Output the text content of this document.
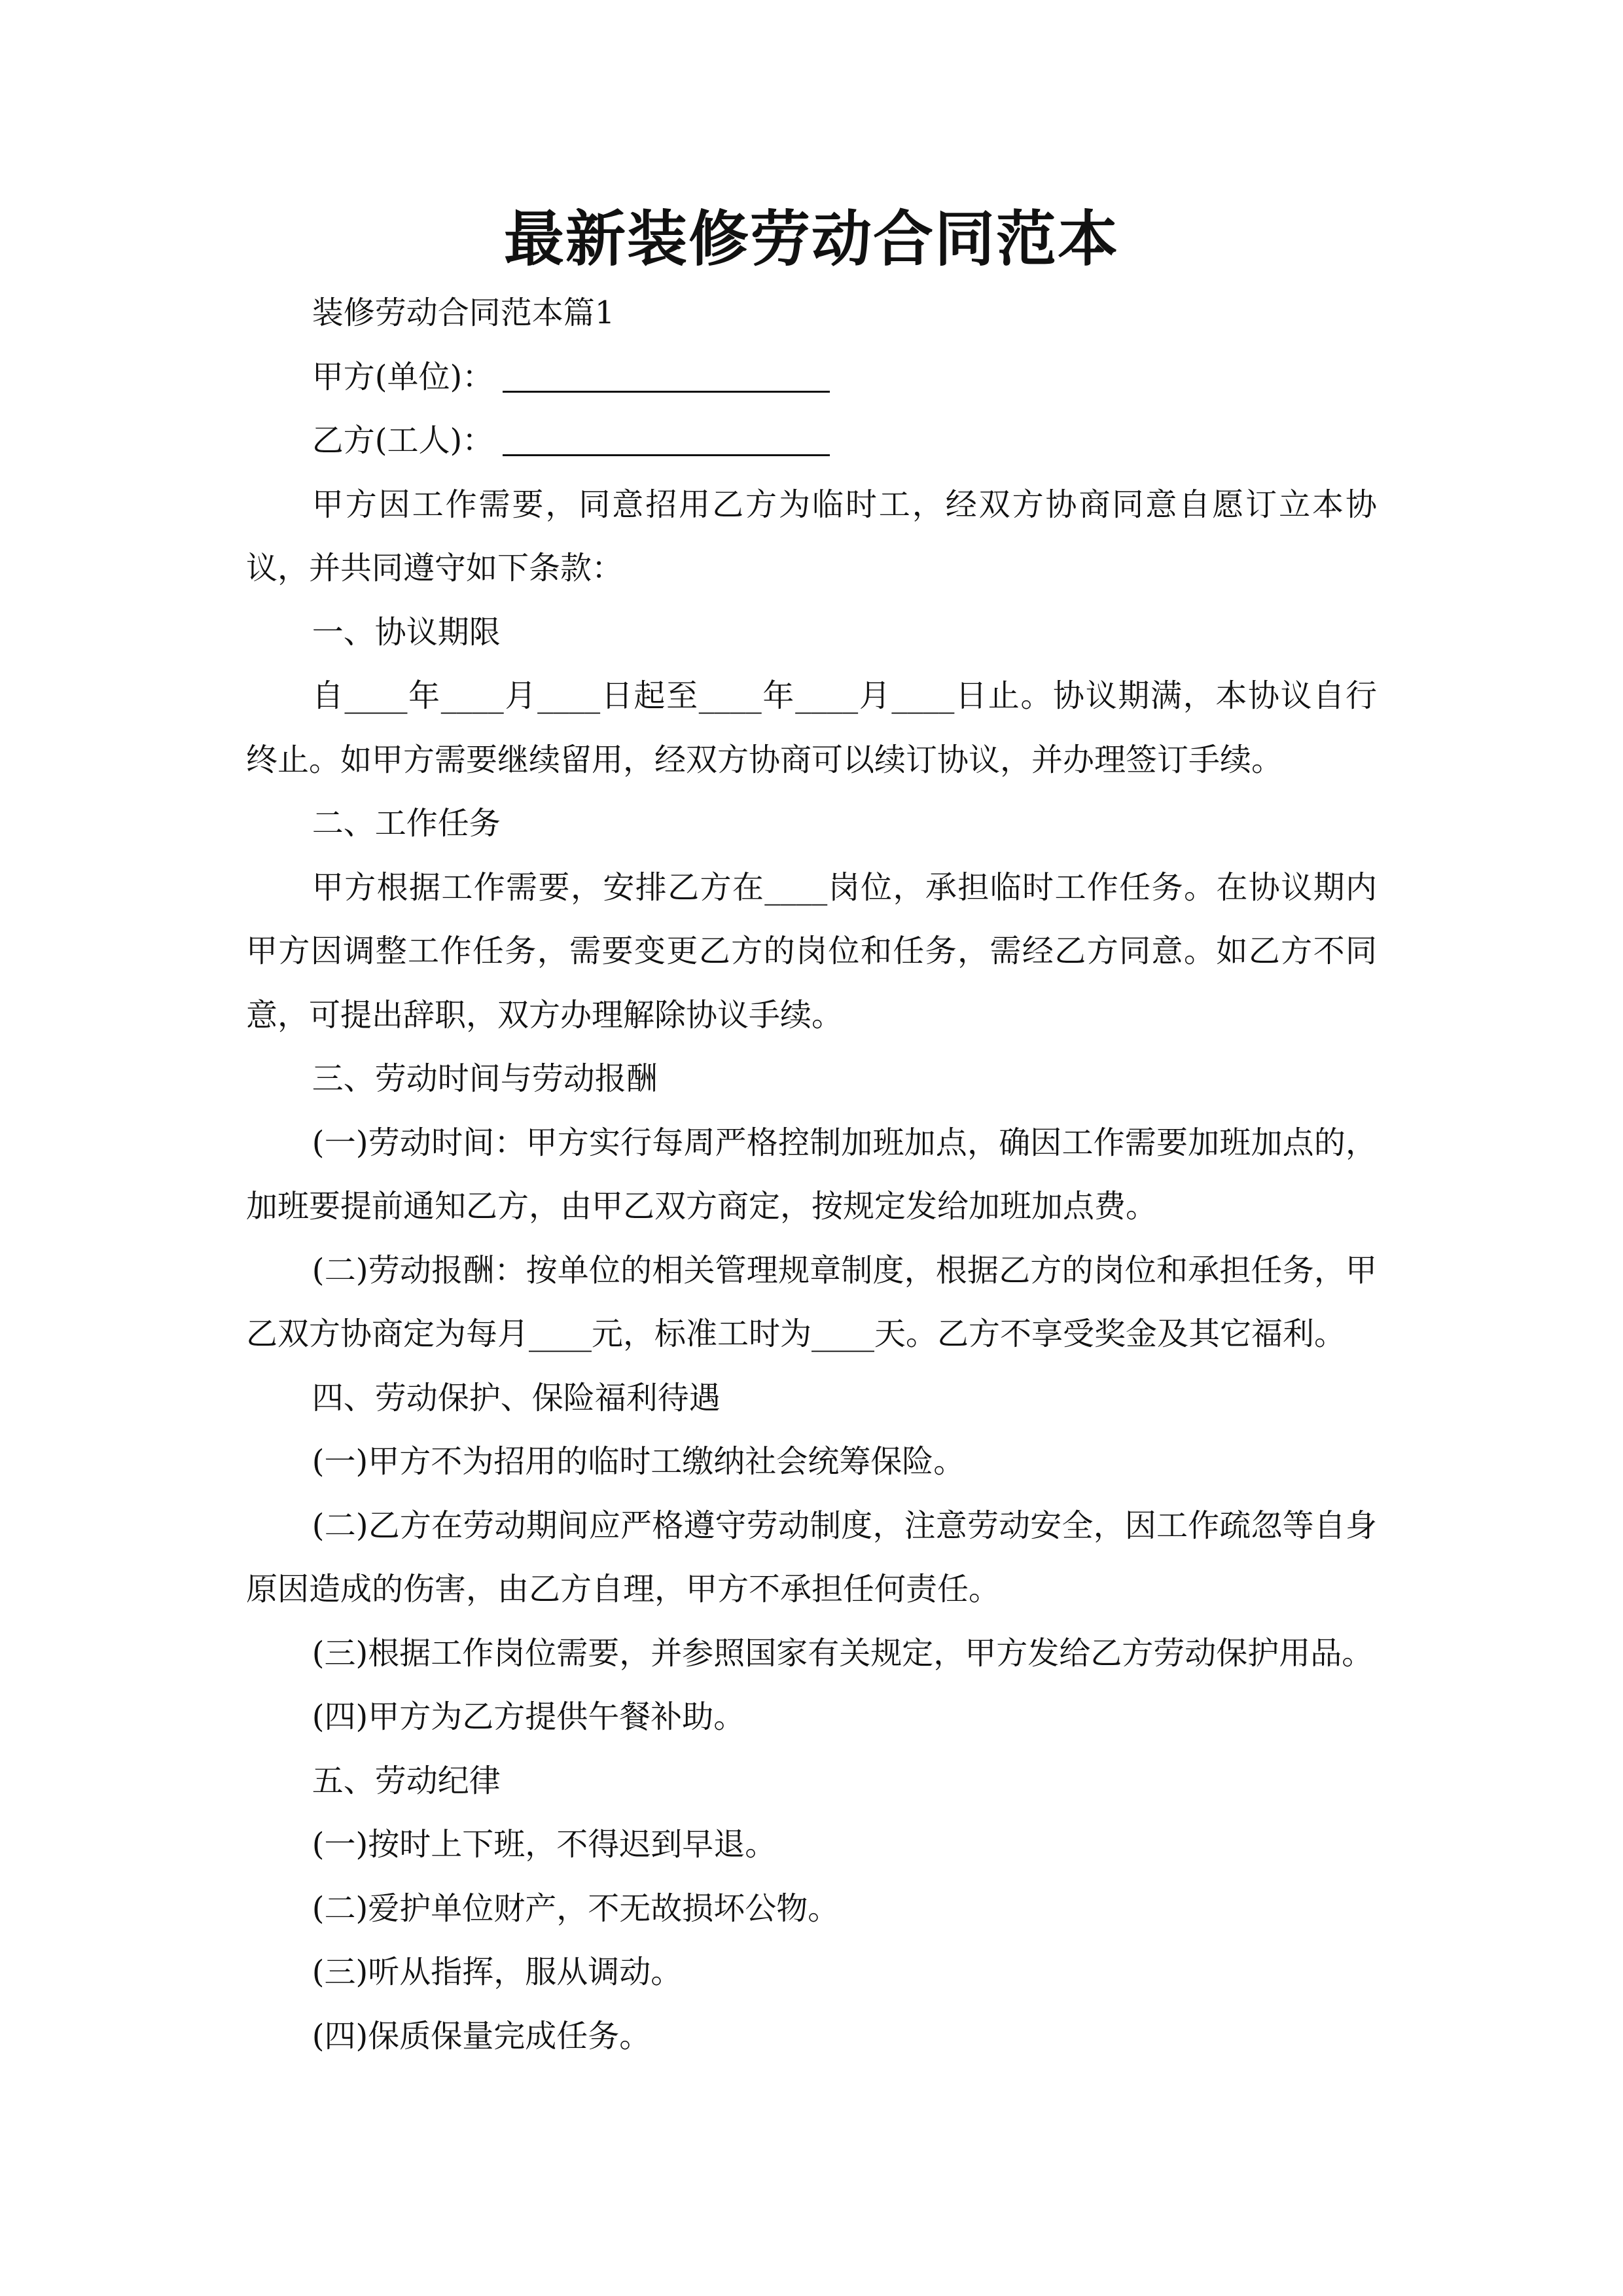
最新装修劳动合同范本

装修劳动合同范本篇1

甲方(单位)：

乙方(工人)：

甲方因工作需要，同意招用乙方为临时工，经双方协商同意自愿订立本协议，并共同遵守如下条款：

一、协议期限

自____年____月____日起至____年____月____日止。协议期满，本协议自行终止。如甲方需要继续留用，经双方协商可以续订协议，并办理签订手续。

二、工作任务

甲方根据工作需要，安排乙方在____岗位，承担临时工作任务。在协议期内甲方因调整工作任务，需要变更乙方的岗位和任务，需经乙方同意。如乙方不同意，可提出辞职，双方办理解除协议手续。

三、劳动时间与劳动报酬

(一)劳动时间：甲方实行每周严格控制加班加点，确因工作需要加班加点的，加班要提前通知乙方，由甲乙双方商定，按规定发给加班加点费。

(二)劳动报酬：按单位的相关管理规章制度，根据乙方的岗位和承担任务，甲乙双方协商定为每月____元，标准工时为____天。乙方不享受奖金及其它福利。

四、劳动保护、保险福利待遇

(一)甲方不为招用的临时工缴纳社会统筹保险。

(二)乙方在劳动期间应严格遵守劳动制度，注意劳动安全，因工作疏忽等自身原因造成的伤害，由乙方自理，甲方不承担任何责任。

(三)根据工作岗位需要，并参照国家有关规定，甲方发给乙方劳动保护用品。

(四)甲方为乙方提供午餐补助。

五、劳动纪律

(一)按时上下班，不得迟到早退。

(二)爱护单位财产，不无故损坏公物。

(三)听从指挥，服从调动。

(四)保质保量完成任务。
